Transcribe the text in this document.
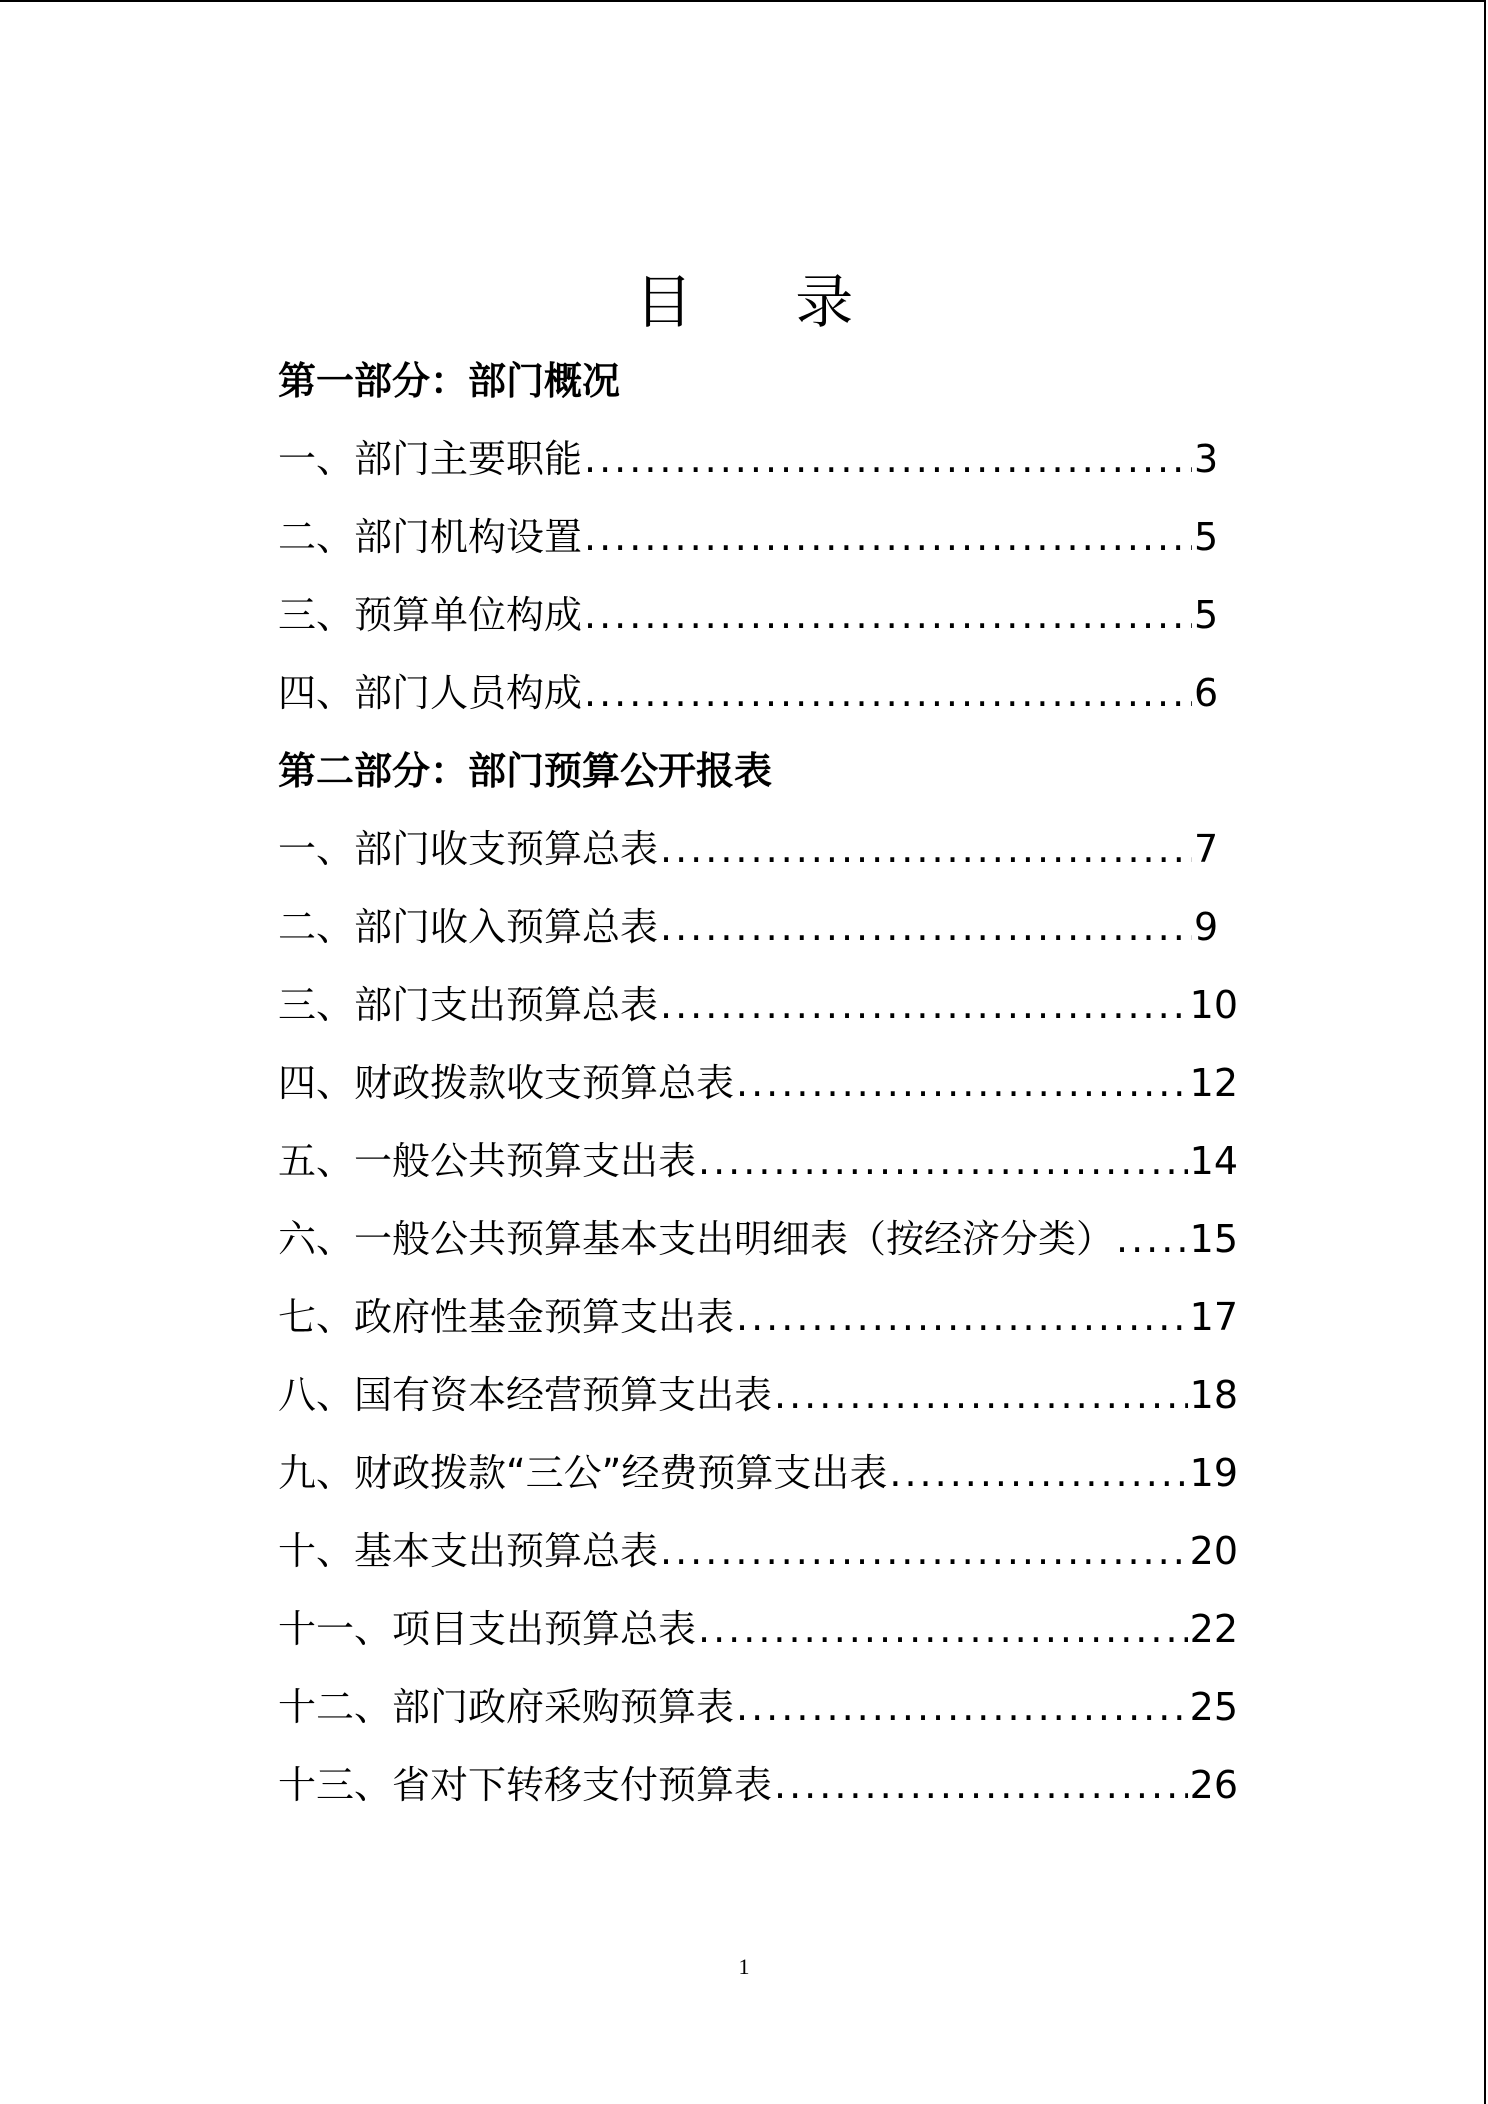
目 录
第一部分：部门概况
一、部门主要职能 .....	3
二、部门机构设置 .....	5
三、预算单位构成 .....	5
四、部门人员构成 .....	6
第二部分：部门预算公开报表
一、部门收支预算总表 .....	7
二、部门收入预算总表 .....	9
三、部门支出预算总表 .....	10
四、财政拨款收支预算总表 .....	12
五、一般公共预算支出表 .....	14
六、一般公共预算基本支出明细表（按经济分类） ..... 15
七、政府性基金预算支出表 .....	17
八、国有资本经营预算支出表 .....	18
九、财政拨款“三公”经费预算支出表 .....	19
十、基本支出预算总表 .....	20
十一、项目支出预算总表 .....	22
十二、部门政府采购预算表 .....	25
十三、省对下转移支付预算表 .....	26
1
